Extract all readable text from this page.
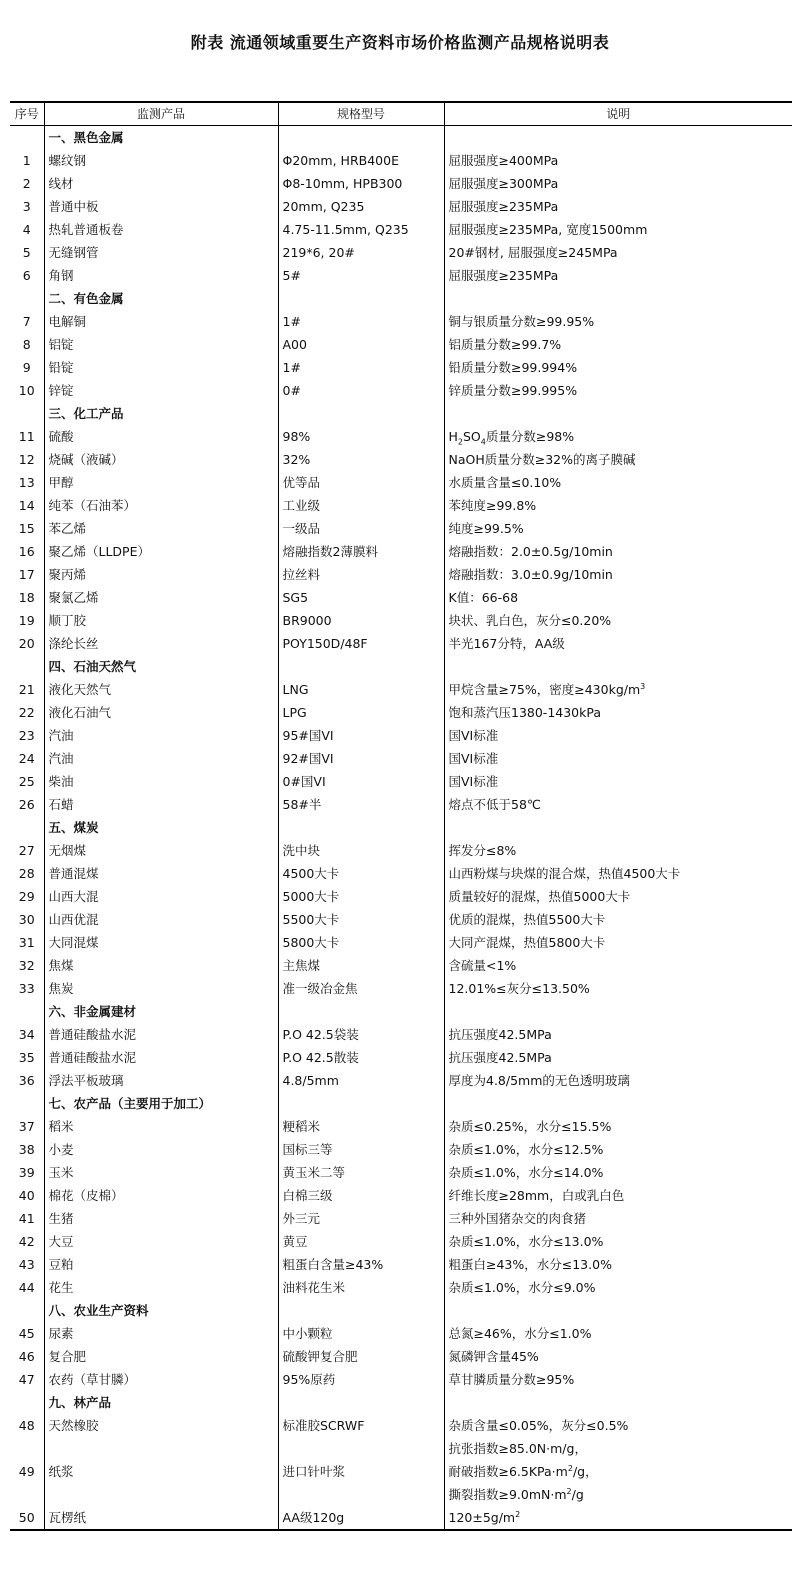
附表 流通领域重要生产资料市场价格监测产品规格说明表
序号	监测产品	规格型号	说明
	一、黑色金属		
1	螺纹钢	Φ20mm, HRB400E	屈服强度≥400MPa
2	线材	Φ8-10mm, HPB300	屈服强度≥300MPa
3	普通中板	20mm, Q235	屈服强度≥235MPa
4	热轧普通板卷	4.75-11.5mm, Q235	屈服强度≥235MPa, 宽度1500mm
5	无缝钢管	219*6, 20#	20#钢材, 屈服强度≥245MPa
6	角钢	5#	屈服强度≥235MPa
	二、有色金属		
7	电解铜	1#	铜与银质量分数≥99.95%
8	铝锭	A00	铝质量分数≥99.7%
9	铅锭	1#	铅质量分数≥99.994%
10	锌锭	0#	锌质量分数≥99.995%
	三、化工产品		
11	硫酸	98%	$H_2SO_4$质量分数≥98%
12	烧碱（液碱）	32%	NaOH质量分数≥32%的离子膜碱
13	甲醇	优等品	水质量含量≤0.10%
14	纯苯（石油苯）	工业级	苯纯度≥99.8%
15	苯乙烯	一级品	纯度≥99.5%
16	聚乙烯（LLDPE）	熔融指数2薄膜料	熔融指数：2.0±0.5g/10min
17	聚丙烯	拉丝料	熔融指数：3.0±0.9g/10min
18	聚氯乙烯	SG5	K值：66-68
19	顺丁胶	BR9000	块状、乳白色，灰分≤0.20%
20	涤纶长丝	POY150D/48F	半光167分特，AA级
	四、石油天然气		
21	液化天然气	LNG	甲烷含量≥75%，密度$\ge 430kg/m^3$
22	液化石油气	LPG	饱和蒸汽压1380-1430kPa
23	汽油	95#国VI	国VI标准
24	汽油	92#国VI	国VI标准
25	柴油	0#国VI	国VI标准
26	石蜡	58#半	熔点不低于58℃
	五、煤炭		
27	无烟煤	洗中块	挥发分≤8%
28	普通混煤	4500大卡	山西粉煤与块煤的混合煤，热值4500大卡
29	山西大混	5000大卡	质量较好的混煤，热值5000大卡
30	山西优混	5500大卡	优质的混煤，热值5500大卡
31	大同混煤	5800大卡	大同产混煤，热值5800大卡
32	焦煤	主焦煤	含硫量<1%
33	焦炭	准一级冶金焦	12.01%≤灰分≤13.50%
	六、非金属建材		
34	普通硅酸盐水泥	P.O 42.5袋装	抗压强度42.5MPa
35	普通硅酸盐水泥	P.O 42.5散装	抗压强度42.5MPa
36	浮法平板玻璃	4.8/5mm	厚度为4.8/5mm的无色透明玻璃
	七、农产品（主要用于加工）		
37	稻米	粳稻米	杂质≤0.25%，水分≤15.5%
38	小麦	国标三等	杂质≤1.0%，水分≤12.5%
39	玉米	黄玉米二等	杂质≤1.0%，水分≤14.0%
40	棉花（皮棉）	白棉三级	纤维长度≥28mm，白或乳白色
41	生猪	外三元	三种外国猪杂交的肉食猪
42	大豆	黄豆	杂质≤1.0%，水分≤13.0%
43	豆粕	粗蛋白含量≥43%	粗蛋白≥43%，水分≤13.0%
44	花生	油料花生米	杂质≤1.0%，水分≤9.0%
	八、农业生产资料		
45	尿素	中小颗粒	总氮≥46%，水分≤1.0%
46	复合肥	硫酸钾复合肥	氮磷钾含量45%
47	农药（草甘膦）	95%原药	草甘膦质量分数≥95%
	九、林产品		
48	天然橡胶	标准胶SCRWF	杂质含量≤0.05%，灰分≤0.5%
49	纸浆	进口针叶浆	抗张指数≥85.0N·m/g，
耐破指数$\ge 6.5KPa\cdot m^2/g$，
撕裂指数$\ge 9.0mN\cdot m^2/g$
50	瓦楞纸	AA级120g	$120\pm 5g/m^2$
